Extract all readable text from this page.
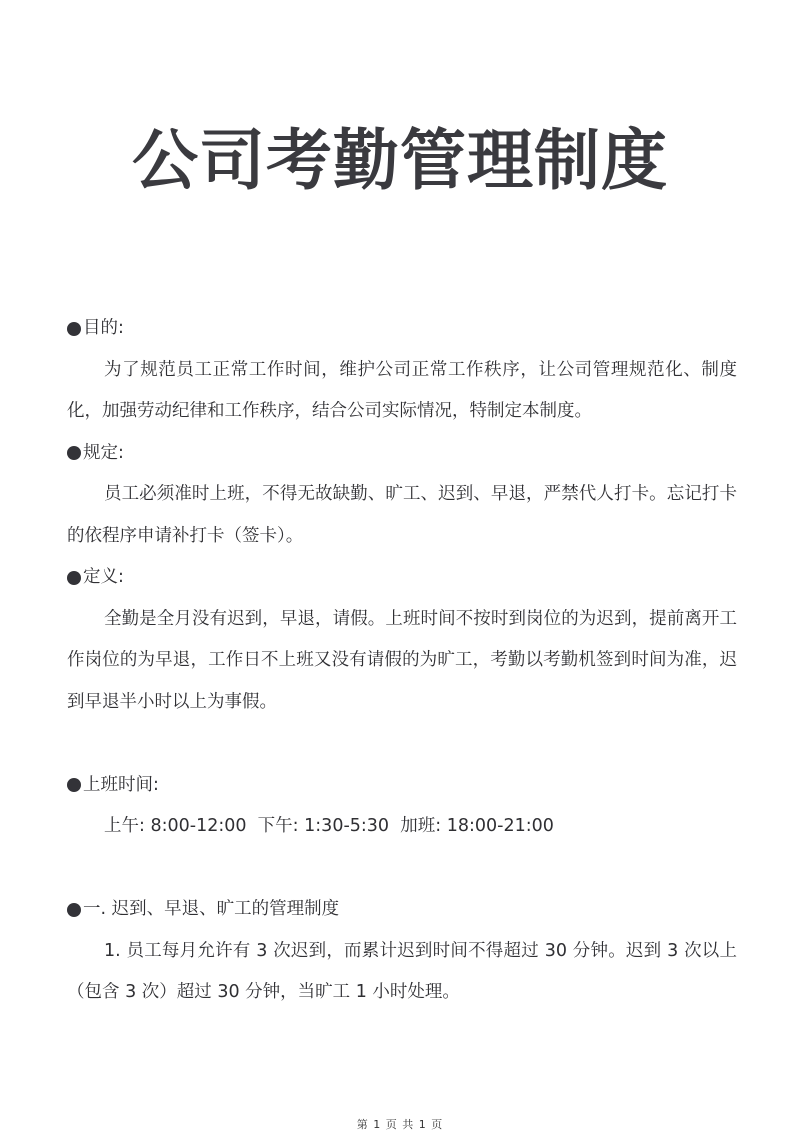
公司考勤管理制度
目的:

为了规范员工正常工作时间，维护公司正常工作秩序，让公司管理规范化、制度化，加强劳动纪律和工作秩序，结合公司实际情况，特制定本制度。

规定:

员工必须准时上班，不得无故缺勤、旷工、迟到、早退，严禁代人打卡。忘记打卡的依程序申请补打卡（签卡）。

定义:

全勤是全月没有迟到，早退，请假。上班时间不按时到岗位的为迟到，提前离开工作岗位的为早退，工作日不上班又没有请假的为旷工，考勤以考勤机签到时间为准，迟到早退半小时以上为事假。

上班时间:
上午: 8:00-12:00 下午: 1:30-5:30 加班: 18:00-21:00
一. 迟到、早退、旷工的管理制度

1. 员工每月允许有 3 次迟到，而累计迟到时间不得超过 30 分钟。迟到 3 次以上（包含 3 次）超过 30 分钟，当旷工 1 小时处理。

第 1 页 共 1 页
